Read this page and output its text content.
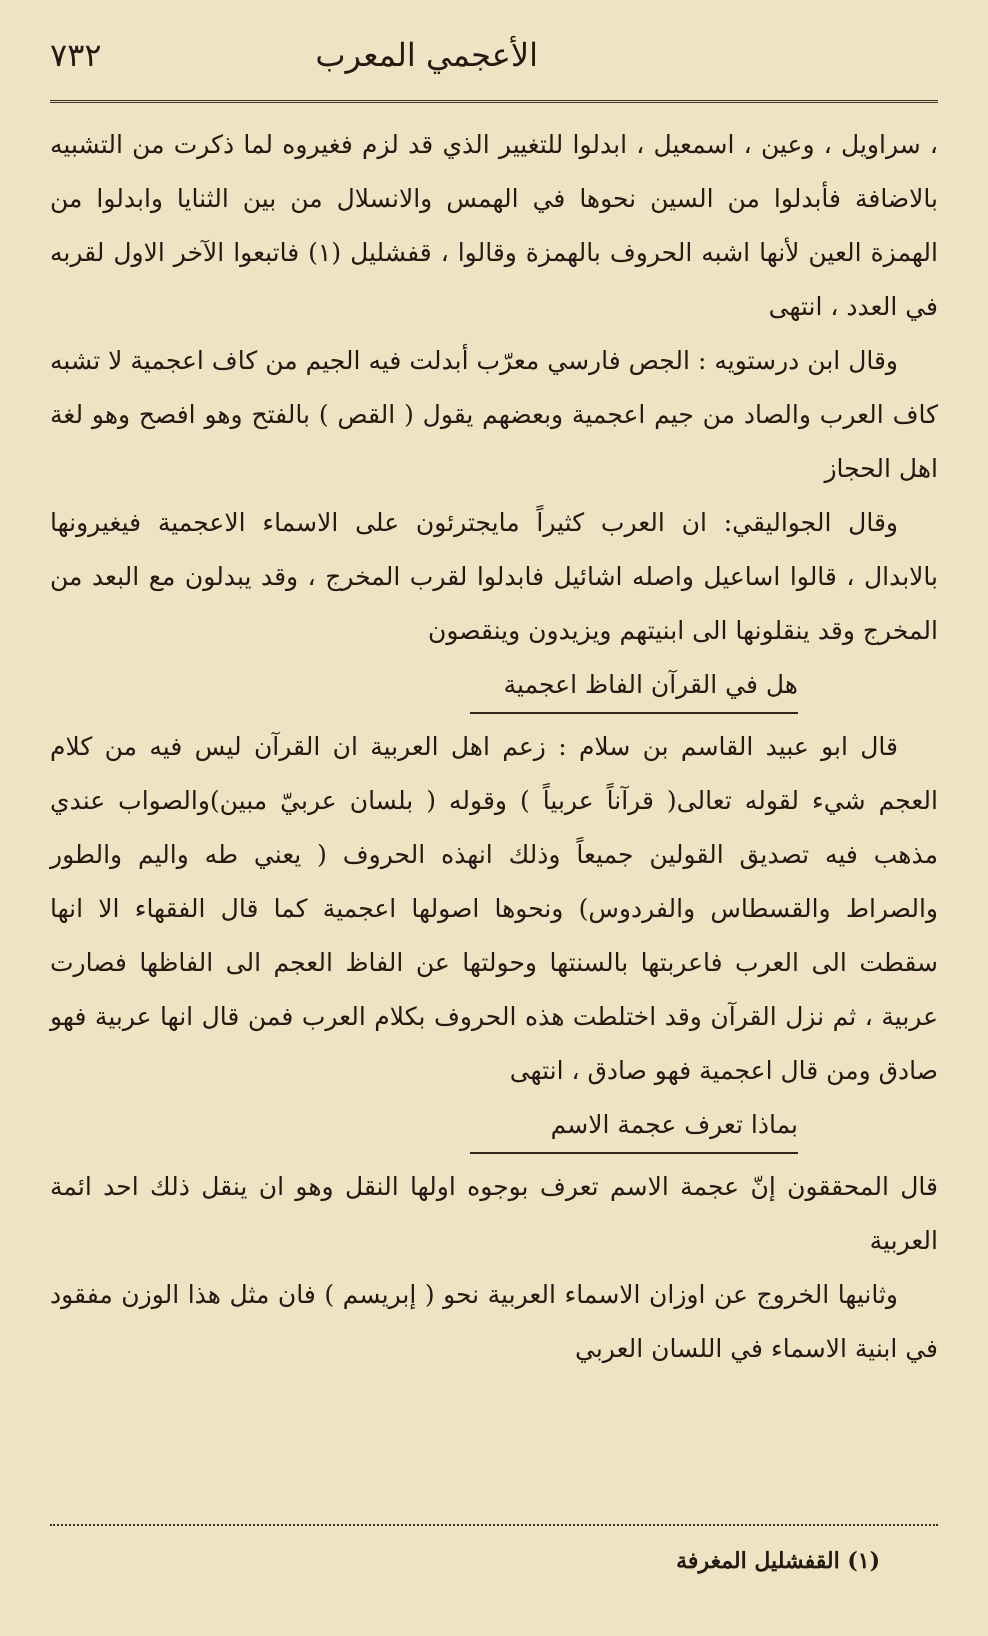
٧٣٢	الأعجمي المعرب

، سراويل ، وعين ، اسمعيل ، ابدلوا للتغيير الذي قد لزم فغيروه لما ذكرت من التشبيه بالاضافة فأبدلوا من السين نحوها في الهمس والانسلال من بين الثنايا وابدلوا من الهمزة العين لأنها اشبه الحروف بالهمزة وقالوا ، قفشليل (١) فاتبعوا الآخر الاول لقربه في العدد ، انتهى

وقال ابن درستويه : الجص فارسي معرّب أبدلت فيه الجيم من كاف اعجمية لا تشبه كاف العرب والصاد من جيم اعجمية وبعضهم يقول ( القص ) بالفتح وهو افصح وهو لغة اهل الحجاز

وقال الجواليقي: ان العرب كثيراً مايجترئون على الاسماء الاعجمية فيغيرونها بالابدال ، قالوا اساعيل واصله اشائيل فابدلوا لقرب المخرج ، وقد يبدلون مع البعد من المخرج وقد ينقلونها الى ابنيتهم ويزيدون وينقصون

هل في القرآن الفاظ اعجمية

قال ابو عبيد القاسم بن سلام : زعم اهل العربية ان القرآن ليس فيه من كلام العجم شيء لقوله تعالى( قرآناً عربياً ) وقوله ( بلسان عربيّ مبين)والصواب عندي مذهب فيه تصديق القولين جميعاً وذلك انهذه الحروف ( يعني طه واليم والطور والصراط والقسطاس والفردوس) ونحوها اصولها اعجمية كما قال الفقهاء الا انها سقطت الى العرب فاعربتها بالسنتها وحولتها عن الفاظ العجم الى الفاظها فصارت عربية ، ثم نزل القرآن وقد اختلطت هذه الحروف بكلام العرب فمن قال انها عربية فهو صادق ومن قال اعجمية فهو صادق ، انتهى

بماذا تعرف عجمة الاسم

قال المحققون إنّ عجمة الاسم تعرف بوجوه اولها النقل وهو ان ينقل ذلك احد ائمة العربية

وثانيها الخروج عن اوزان الاسماء العربية نحو ( إبريسم ) فان مثل هذا الوزن مفقود في ابنية الاسماء في اللسان العربي

(١) القفشليل المغرفة
